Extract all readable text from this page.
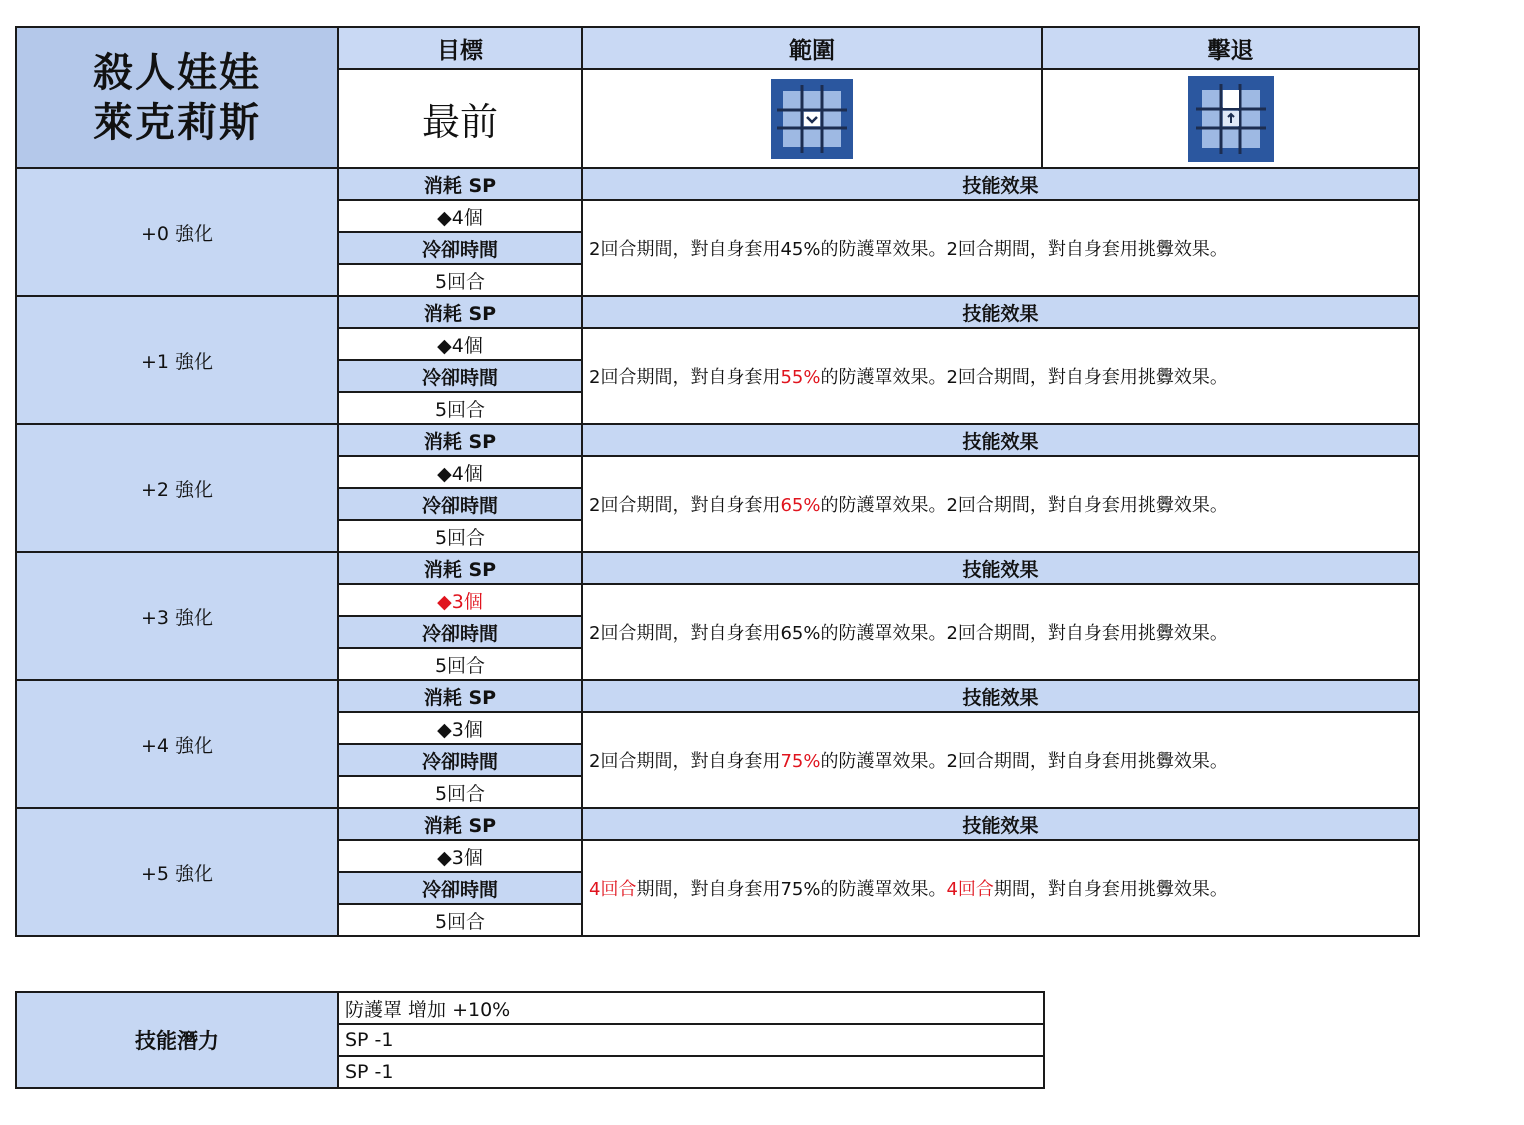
殺人娃娃
萊克莉斯	目標	範圍	擊退
	最前		
+0 強化	消耗 SP	技能效果	
	◆4個	2回合期間，對自身套用45%的防護罩效果。2回合期間，對自身套用挑釁效果。	
	冷卻時間		
	5回合		
+1 強化	消耗 SP	技能效果	
	◆4個	2回合期間，對自身套用55%的防護罩效果。2回合期間，對自身套用挑釁效果。	
	冷卻時間		
	5回合		
+2 強化	消耗 SP	技能效果	
	◆4個	2回合期間，對自身套用65%的防護罩效果。2回合期間，對自身套用挑釁效果。	
	冷卻時間		
	5回合		
+3 強化	消耗 SP	技能效果	
	◆3個	2回合期間，對自身套用65%的防護罩效果。2回合期間，對自身套用挑釁效果。	
	冷卻時間		
	5回合		
+4 強化	消耗 SP	技能效果	
	◆3個	2回合期間，對自身套用75%的防護罩效果。2回合期間，對自身套用挑釁效果。	
	冷卻時間		
	5回合		
+5 強化	消耗 SP	技能效果	
	◆3個	4回合期間，對自身套用75%的防護罩效果。4回合期間，對自身套用挑釁效果。	
	冷卻時間		
	5回合		
技能潛力	防護罩 增加 +10%
SP -1
SP -1
